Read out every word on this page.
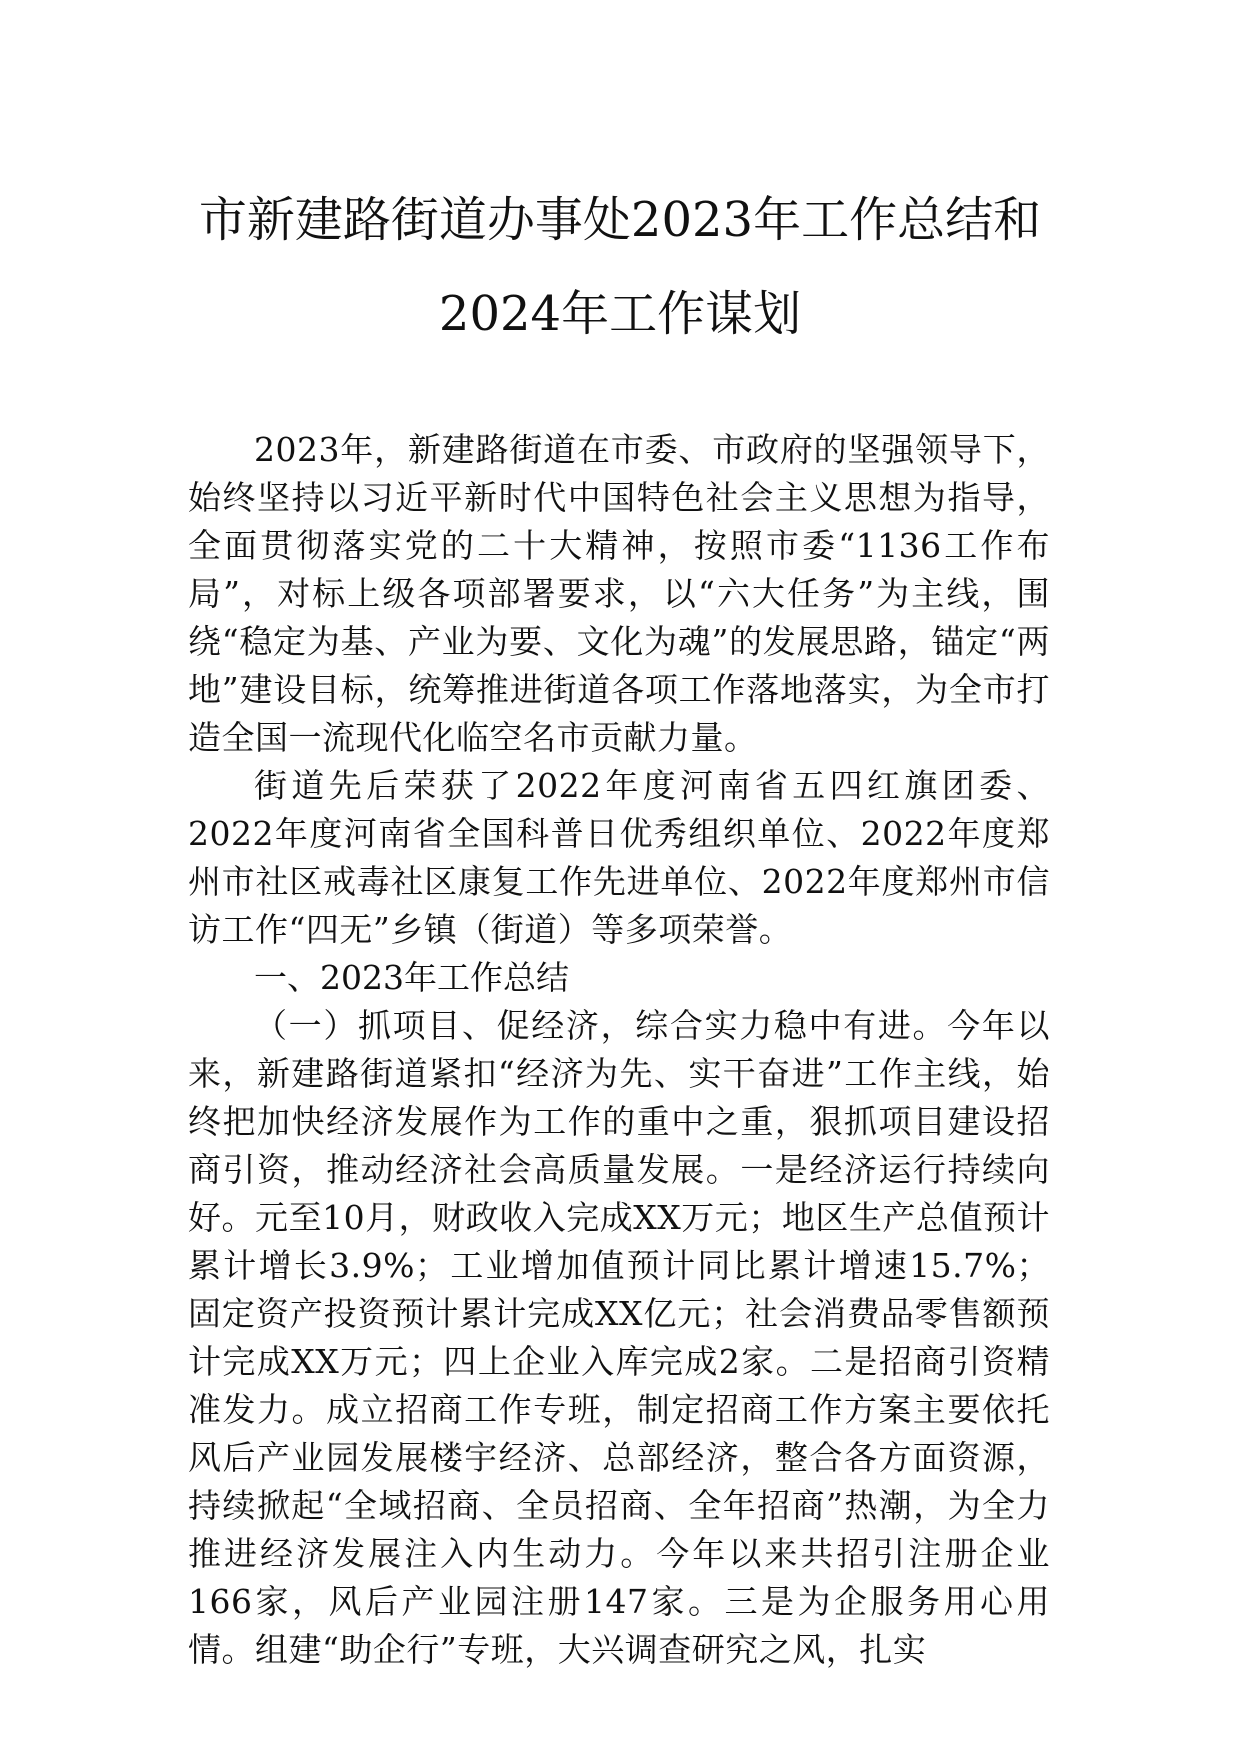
市新建路街道办事处2023年工作总结和
2024年工作谋划

2023年，新建路街道在市委、市政府的坚强领导下，始终坚持以习近平新时代中国特色社会主义思想为指导，全面贯彻落实党的二十大精神，按照市委“1136工作布局”，对标上级各项部署要求，以“六大任务”为主线，围绕“稳定为基、产业为要、文化为魂”的发展思路，锚定“两地”建设目标，统筹推进街道各项工作落地落实，为全市打造全国一流现代化临空名市贡献力量。

街道先后荣获了2022年度河南省五四红旗团委、2022年度河南省全国科普日优秀组织单位、2022年度郑州市社区戒毒社区康复工作先进单位、2022年度郑州市信访工作“四无”乡镇（街道）等多项荣誉。

一、2023年工作总结

（一）抓项目、促经济，综合实力稳中有进。今年以来，新建路街道紧扣“经济为先、实干奋进”工作主线，始终把加快经济发展作为工作的重中之重，狠抓项目建设招商引资，推动经济社会高质量发展。一是经济运行持续向好。元至10月，财政收入完成XX万元；地区生产总值预计累计增长3.9%；工业增加值预计同比累计增速15.7%；固定资产投资预计累计完成XX亿元；社会消费品零售额预计完成XX万元；四上企业入库完成2家。二是招商引资精准发力。成立招商工作专班，制定招商工作方案主要依托风后产业园发展楼宇经济、总部经济，整合各方面资源，持续掀起“全域招商、全员招商、全年招商”热潮，为全力推进经济发展注入内生动力。今年以来共招引注册企业166家，风后产业园注册147家。三是为企服务用心用情。组建“助企行”专班，大兴调查研究之风，扎实
